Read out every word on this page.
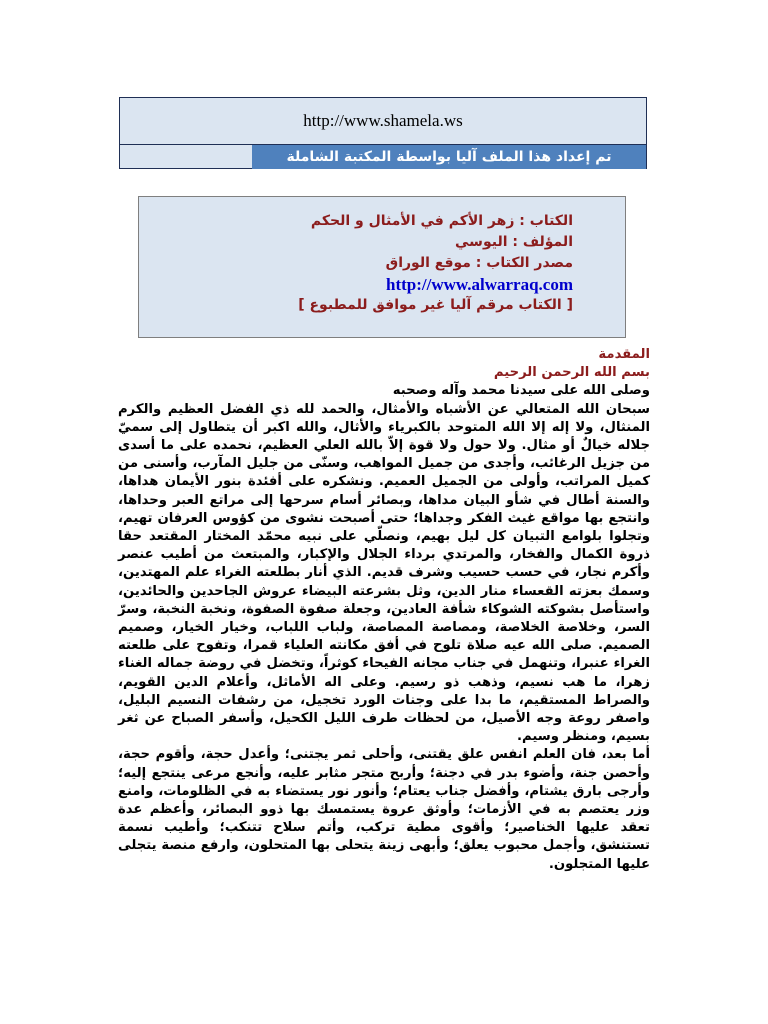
http://www.shamela.ws
تم إعداد هذا الملف آليا بواسطة المكتبة الشاملة
الكتاب : زهر الأكم في الأمثال و الحكم
المؤلف : اليوسي
مصدر الكتاب : موقع الوراق
http://www.alwarraq.com
[ الكتاب مرقم آليا غير موافق للمطبوع ]
المقدمة
بسم الله الرحمن الرحيم
وصلى الله على سيدنا محمد وآله وصحبه

سبحان الله المتعالي عن الأشباه والأمثال، والحمد لله ذي الفضل العظيم والكرم المنثال، ولا إله إلا الله المتوحد بالكبرياء والأثال، والله اكبر أن يتطاول إلى سميّ جلاله خيالٌ أو مثال. ولا حول ولا قوة إلاّ بالله العلي العظيم، نحمده على ما أسدى من جزيل الرغائب، وأجدى من جميل المواهب، وسنّى من جليل المآرب، وأسنى من كميل المراتب، وأولى من الجميل العميم. ونشكره على أفئدة بنور الأيمان هداها، والسنة أطال في شأو البيان مداها، وبصائر أسام سرحها إلى مراتع العبر وحداها، وانتجع بها مواقع غيث الفكر وجداها؛ حتى أصبحت نشوى من كؤوس العرفان تهيم، وتجلوا بلوامع التبيان كل ليل بهيم، ونصلّي على نبيه محمّد المختار المقتعد حقا ذروة الكمال والفخار، والمرتدي برداء الجلال والإكبار، والمبتعث من أطيب عنصر وأكرم نجار، في حسب حسيب وشرف قديم. الذي أنار بطلعته الغراء علم المهتدين، وسمك بعزته القعساء منار الدين، وثل بشرعته البيضاء عروش الجاحدين والحائدين، واستأصل بشوكته الشوكاء شأفة العادين، وجعلة صفوة الصفوة، ونخبة النخبة، وسرّ السر، وخلاصة الخلاصة، ومصاصة المصاصة، ولباب اللباب، وخيار الخيار، وصميم الصميم. صلى الله عيه صلاة تلوح في أفق مكانته العلياء قمرا، وتفوح على طلعته الغراء عنبرا، وتنهمل في جناب مجانه الفيحاء كوثراً، وتخضل في روضة جماله الغناء زهرا، ما هب نسيم، وذهب ذو رسيم. وعلى اله الأماثل، وأعلام الدين القويم، والصراط المستقيم، ما بدا على وجنات الورد تخجيل، من رشفات النسيم البليل، واصفر روعة وجه الأصيل، من لحظات طرف الليل الكحيل، وأسفر الصباح عن ثغر بسيم، ومنظر وسيم.

أما بعد، فان العلم انفس علق يقتنى، وأحلى ثمر يجتنى؛ وأعدل حجة، وأقوم حجة، وأحصن جنة، وأضوء بدر في دجنة؛ وأربح متجر مثابر عليه، وأنجع مرعى ينتجع إليه؛ وأرجى بارق يشتام، وأفضل جناب يعتام؛ وأنور نور يستضاء به في الظلومات، وامنع وزر يعتصم به في الأزمات؛ وأوثق عروة يستمسك بها ذوو البصائر، وأعظم عدة تعقد عليها الخناصير؛ وأقوى مطية تركب، وأتم سلاح تتنكب؛ وأطيب نسمة تستنشق، وأجمل محبوب يعلق؛ وأبهى زينة يتحلى بها المتحلون، وارفع منصة يتجلى عليها المتجلون.
